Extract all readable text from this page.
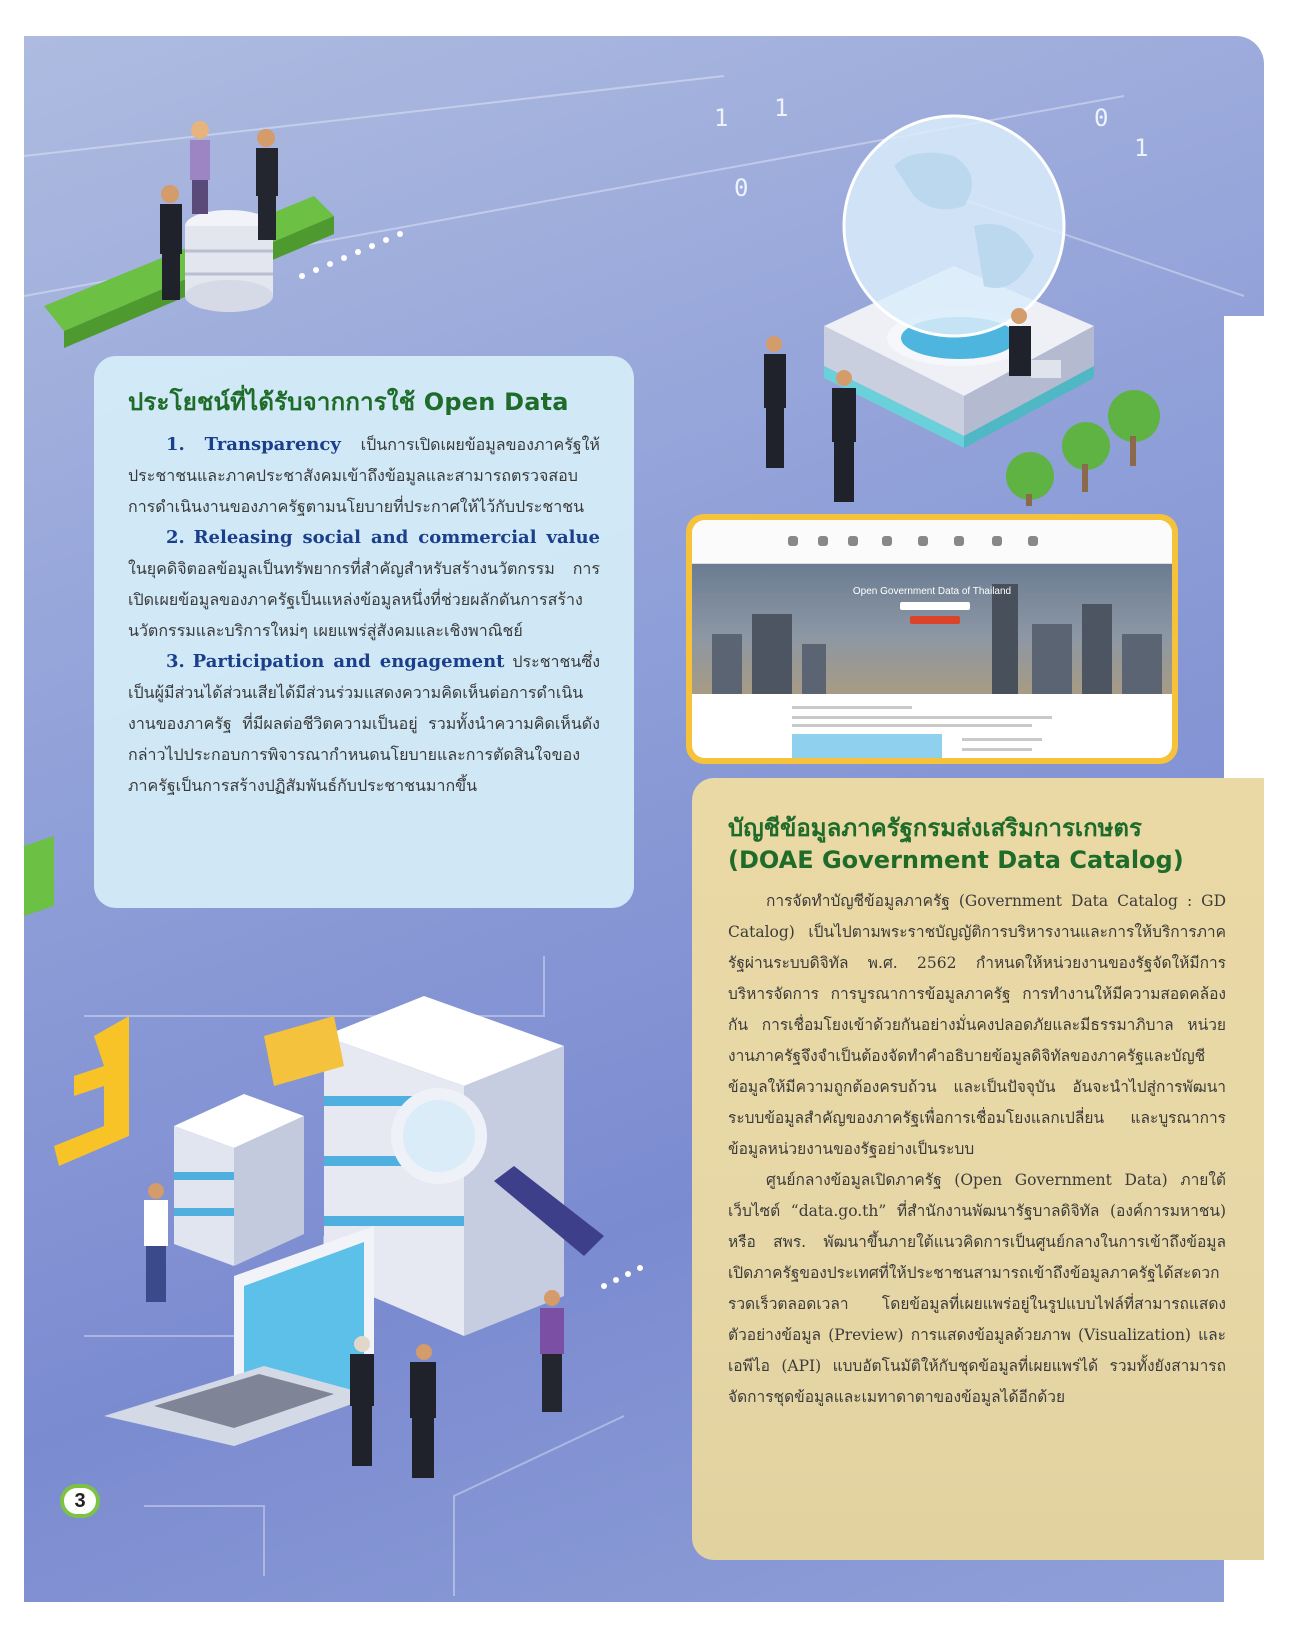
1 1
0
0
1
ประโยชน์ที่ได้รับจากการใช้ Open Data

1. Transparency เป็นการเปิดเผยข้อมูลของภาครัฐให้ประชาชนและภาคประชาสังคมเข้าถึงข้อมูลและสามารถตรวจสอบการดำเนินงานของภาครัฐตามนโยบายที่ประกาศให้ไว้กับประชาชน

2. Releasing social and commercial value ในยุคดิจิตอลข้อมูลเป็นทรัพยากรที่สำคัญสำหรับสร้างนวัตกรรม การเปิดเผยข้อมูลของภาครัฐเป็นแหล่งข้อมูลหนึ่งที่ช่วยผลักดันการสร้างนวัตกรรมและบริการใหม่ๆ เผยแพร่สู่สังคมและเชิงพาณิชย์

3. Participation and engagement ประชาชนซึ่งเป็นผู้มีส่วนได้ส่วนเสียได้มีส่วนร่วมแสดงความคิดเห็นต่อการดำเนินงานของภาครัฐ ที่มีผลต่อชีวิตความเป็นอยู่ รวมทั้งนำความคิดเห็นดังกล่าวไปประกอบการพิจารณากำหนดนโยบายและการตัดสินใจของภาครัฐเป็นการสร้างปฏิสัมพันธ์กับประชาชนมากขึ้น

Open Government Data of Thailand
บัญชีข้อมูลภาครัฐกรมส่งเสริมการเกษตร
(DOAE Government Data Catalog)

การจัดทำบัญชีข้อมูลภาครัฐ (Government Data Catalog : GD Catalog) เป็นไปตามพระราชบัญญัติการบริหารงานและการให้บริการภาครัฐผ่านระบบดิจิทัล พ.ศ. 2562 กำหนดให้หน่วยงานของรัฐจัดให้มีการบริหารจัดการ การบูรณาการข้อมูลภาครัฐ การทำงานให้มีความสอดคล้องกัน การเชื่อมโยงเข้าด้วยกันอย่างมั่นคงปลอดภัยและมีธรรมาภิบาล หน่วยงานภาครัฐจึงจำเป็นต้องจัดทำคำอธิบายข้อมูลดิจิทัลของภาครัฐและบัญชีข้อมูลให้มีความถูกต้องครบถ้วน และเป็นปัจจุบัน อันจะนำไปสู่การพัฒนาระบบข้อมูลสำคัญของภาครัฐเพื่อการเชื่อมโยงแลกเปลี่ยน และบูรณาการข้อมูลหน่วยงานของรัฐอย่างเป็นระบบ

ศูนย์กลางข้อมูลเปิดภาครัฐ (Open Government Data) ภายใต้เว็บไซต์ “data.go.th” ที่สำนักงานพัฒนารัฐบาลดิจิทัล (องค์การมหาชน) หรือ สพร. พัฒนาขึ้นภายใต้แนวคิดการเป็นศูนย์กลางในการเข้าถึงข้อมูลเปิดภาครัฐของประเทศที่ให้ประชาชนสามารถเข้าถึงข้อมูลภาครัฐได้สะดวก รวดเร็วตลอดเวลา โดยข้อมูลที่เผยแพร่อยู่ในรูปแบบไฟล์ที่สามารถแสดงตัวอย่างข้อมูล (Preview) การแสดงข้อมูลด้วยภาพ (Visualization) และเอพีไอ (API) แบบอัตโนมัติให้กับชุดข้อมูลที่เผยแพร่ได้ รวมทั้งยังสามารถจัดการชุดข้อมูลและเมทาดาตาของข้อมูลได้อีกด้วย

3
